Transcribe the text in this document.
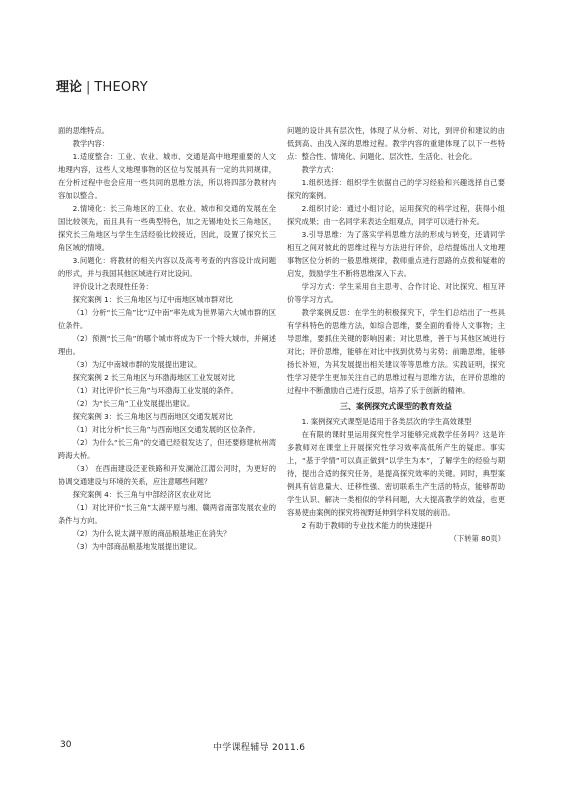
理论 | THEORY

面的思维特点。

教学内容：

1.适度整合：工业、农业、城市、交通是高中地理重要的人文地理内容，这些人文地理事物的区位与发展具有一定的共同规律，在分析过程中也会应用一些共同的思维方法，所以将四部分教材内容加以整合。

2.情境化：长三角地区的工业、农业、城市和交通的发展在全国比较领先，而且具有一些典型特色，加之无锡地处长三角地区，探究长三角地区与学生生活经验比较接近，因此，设置了探究长三角区域的情境。

3.问题化：将教材的相关内容以及高考考查的内容设计成问题的形式，并与我国其他区域进行对比设问。

评价设计之表现性任务：

探究案例 1：长三角地区与辽中南地区城市群对比

（1）分析“长三角”比“辽中南”率先成为世界第六大城市群的区位条件。

（2）预测“长三角”的哪个城市将成为下一个特大城市，并阐述理由。

（3）为辽中南城市群的发展提出建议。

探究案例 2 长三角地区与环渤海地区工业发展对比

（1）对比评价“长三角”与环渤海工业发展的条件。

（2）为“长三角”工业发展提出建议。

探究案例 3：长三角地区与西南地区交通发展对比

（1）对比分析“长三角”与西南地区交通发展的区位条件。

（2）为什么“长三角”的交通已经很发达了，但还要修建杭州湾跨海大桥。

（3） 在西南建设泛亚铁路和开发澜沧江湄公河时，为更好的协调交通建设与环境的关系，应注意哪些问题？

探究案例 4：长三角与中部经济区农业对比

（1）对比评价“长三角”太湖平原与湘、赣两省南部发展农业的条件与方向。

（2）为什么说太湖平原的商品粮基地正在消失？

（3）为中部商品粮基地发展提出建议。

问题的设计具有层次性，体现了从分析、对比，到评价和建议的由低到高、由浅入深的思维过程。教学内容的重建体现了以下一些特点：整合性、情境化、问题化、层次性、生活化、社会化。

教学方式：

1.组织选择：组织学生依据自己的学习经验和兴趣选择自己要探究的案例。

2.组织讨论：通过小组讨论，运用探究的科学过程，获得小组探究成果；由一名同学来表达全组观点，同学可以进行补充。

3.引导思维：为了落实学科思维方法的形成与转变，还请同学相互之间对彼此的思维过程与方法进行评价，总结提炼出人文地理事物区位分析的一般思维规律，教师重点进行思路的点拨和疑难的启发，鼓励学生不断将思维深入下去。

学习方式：学生采用自主思考、合作讨论、对比探究、相互评价等学习方式。

教学案例反思：在学生的积极探究下，学生们总结出了一些具有学科特色的思维方法，如综合思维，要全面的看待人文事物；主导思维，要抓住关键的影响因素；对比思维，善于与其他区域进行对比；评价思维，能够在对比中找到优势与劣势；前瞻思维，能够扬长补短，为其发展提出相关建议等等思维方法。实践证明，探究性学习使学生更加关注自己的思维过程与思维方法，在评价思维的过程中不断激励自己进行反思，培养了乐于创新的精神。

三、案例探究式课型的教育效益

1. 案例探究式课型是适用于各类层次的学生高效课型

在有限的课时里运用探究性学习能够完成教学任务吗？这是许多教师对在课堂上开展探究性学习效率高低所产生的疑虑。事实上，“基于学情”可以真正做到“以学生为本”，了解学生的经验与期待，提出合适的探究任务，是提高探究效率的关键。同时，典型案例具有信息量大、迁移性强、密切联系生产生活的特点，能够帮助学生认识、解决一类相似的学科问题，大大提高教学的效益，也更容易使由案例的探究将视野延伸到学科发展的前沿。

2 有助于教师的专业技术能力的快速提升

（下转第 80页）

30	中学课程辅导 2011.6
